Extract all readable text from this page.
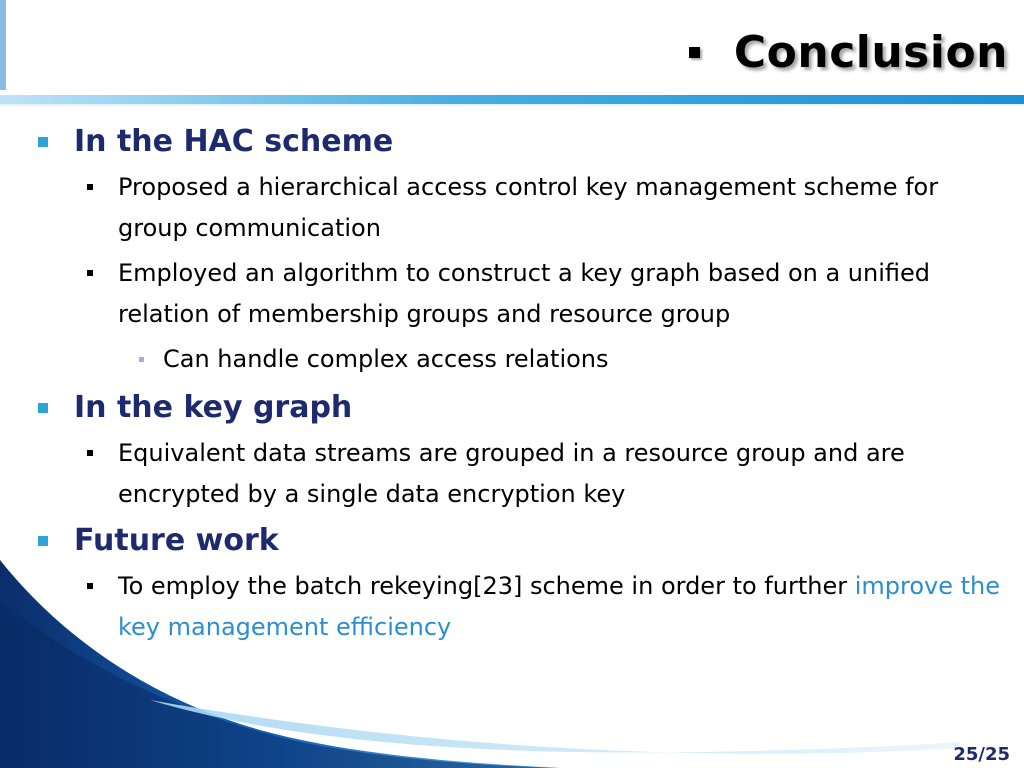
Conclusion
In the HAC scheme
Proposed a hierarchical access control key management scheme for group communication
Employed an algorithm to construct a key graph based on a unified relation of membership groups and resource group
Can handle complex access relations
In the key graph
Equivalent data streams are grouped in a resource group and are encrypted by a single data encryption key
Future work
To employ the batch rekeying[23] scheme in order to further improve the key management efficiency
25/25
